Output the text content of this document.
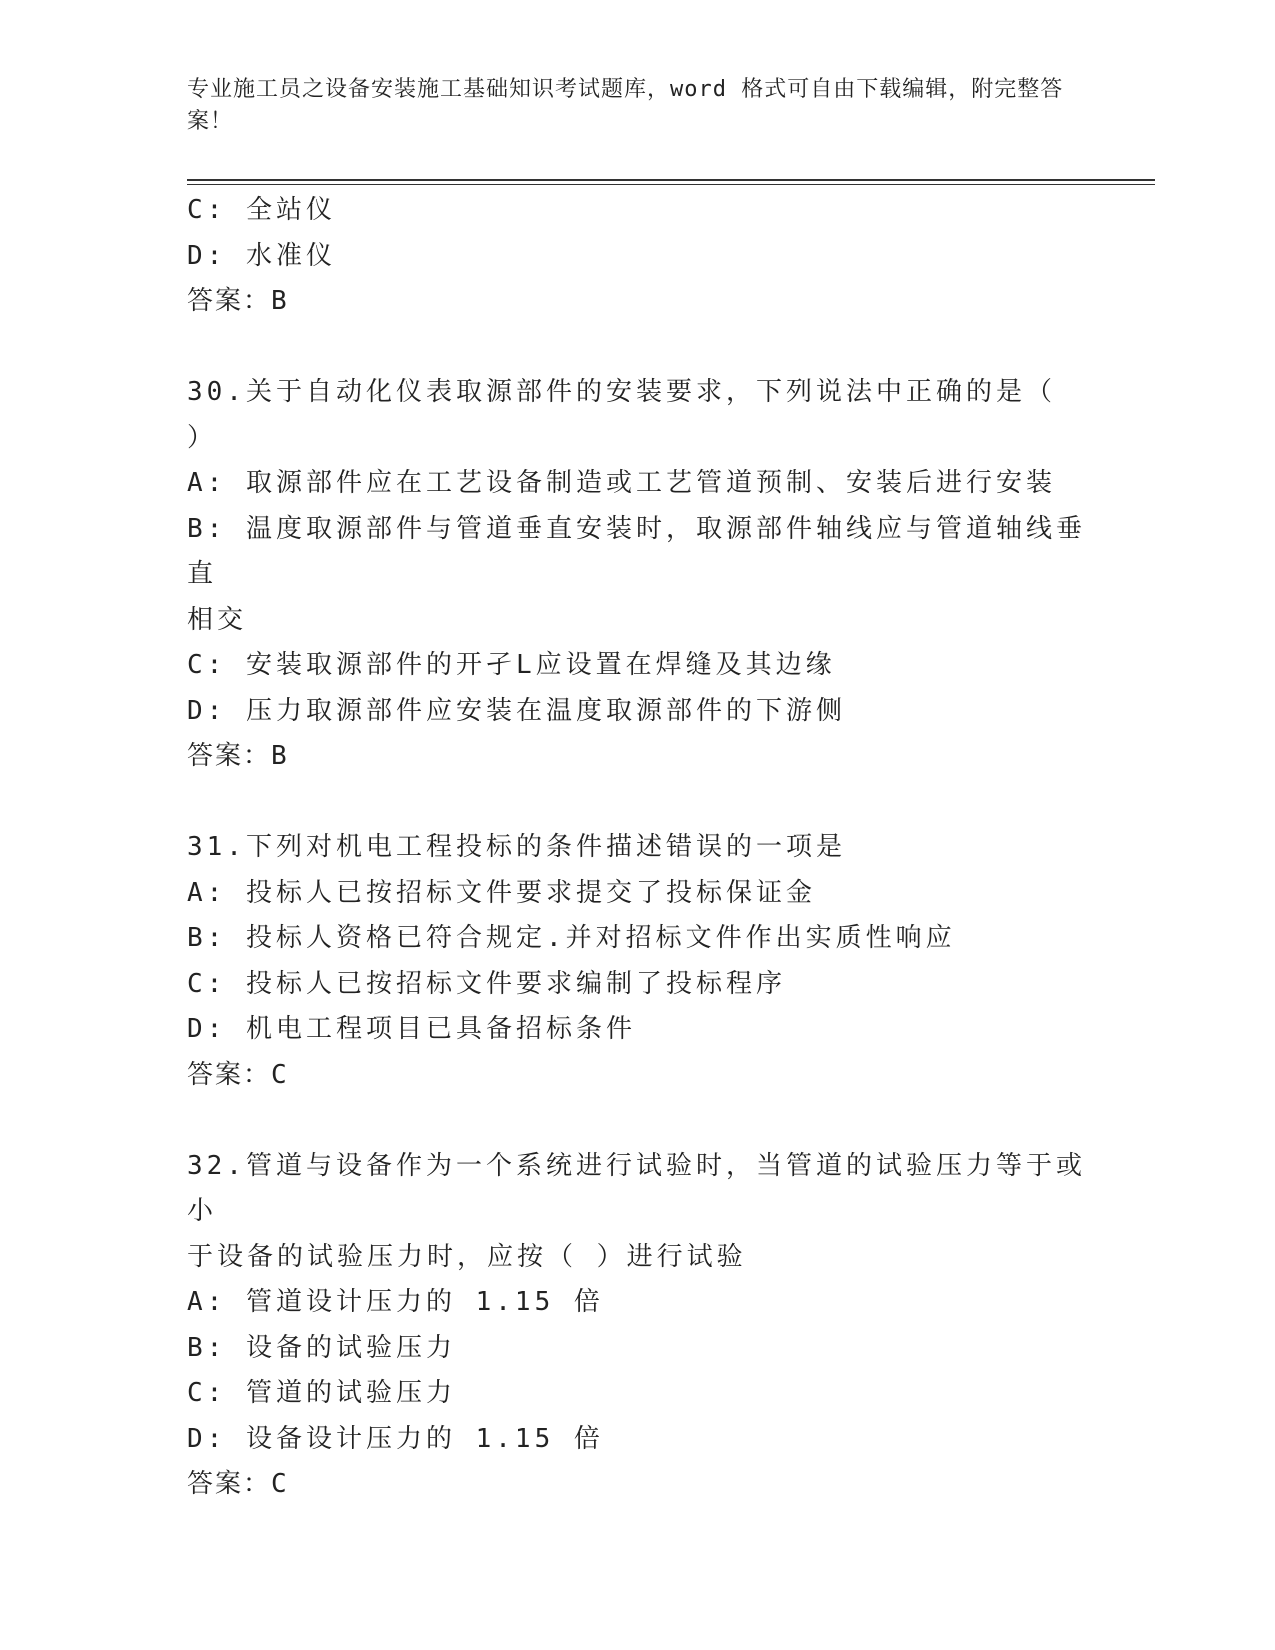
专业施工员之设备安装施工基础知识考试题库，word 格式可自由下载编辑，附完整答案！
C: 全站仪
D: 水准仪
答案：B
30.关于自动化仪表取源部件的安装要求，下列说法中正确的是（ ）
A: 取源部件应在工艺设备制造或工艺管道预制、安装后进行安装
B: 温度取源部件与管道垂直安装时，取源部件轴线应与管道轴线垂直
相交
C: 安装取源部件的开孑L应设置在焊缝及其边缘
D: 压力取源部件应安装在温度取源部件的下游侧
答案：B
31.下列对机电工程投标的条件描述错误的一项是
A: 投标人已按招标文件要求提交了投标保证金
B: 投标人资格已符合规定.并对招标文件作出实质性响应
C: 投标人已按招标文件要求编制了投标程序
D: 机电工程项目已具备招标条件
答案：C
32.管道与设备作为一个系统进行试验时，当管道的试验压力等于或小
于设备的试验压力时，应按（ ）进行试验
A: 管道设计压力的 1.15 倍
B: 设备的试验压力
C: 管道的试验压力
D: 设备设计压力的 1.15 倍
答案：C
